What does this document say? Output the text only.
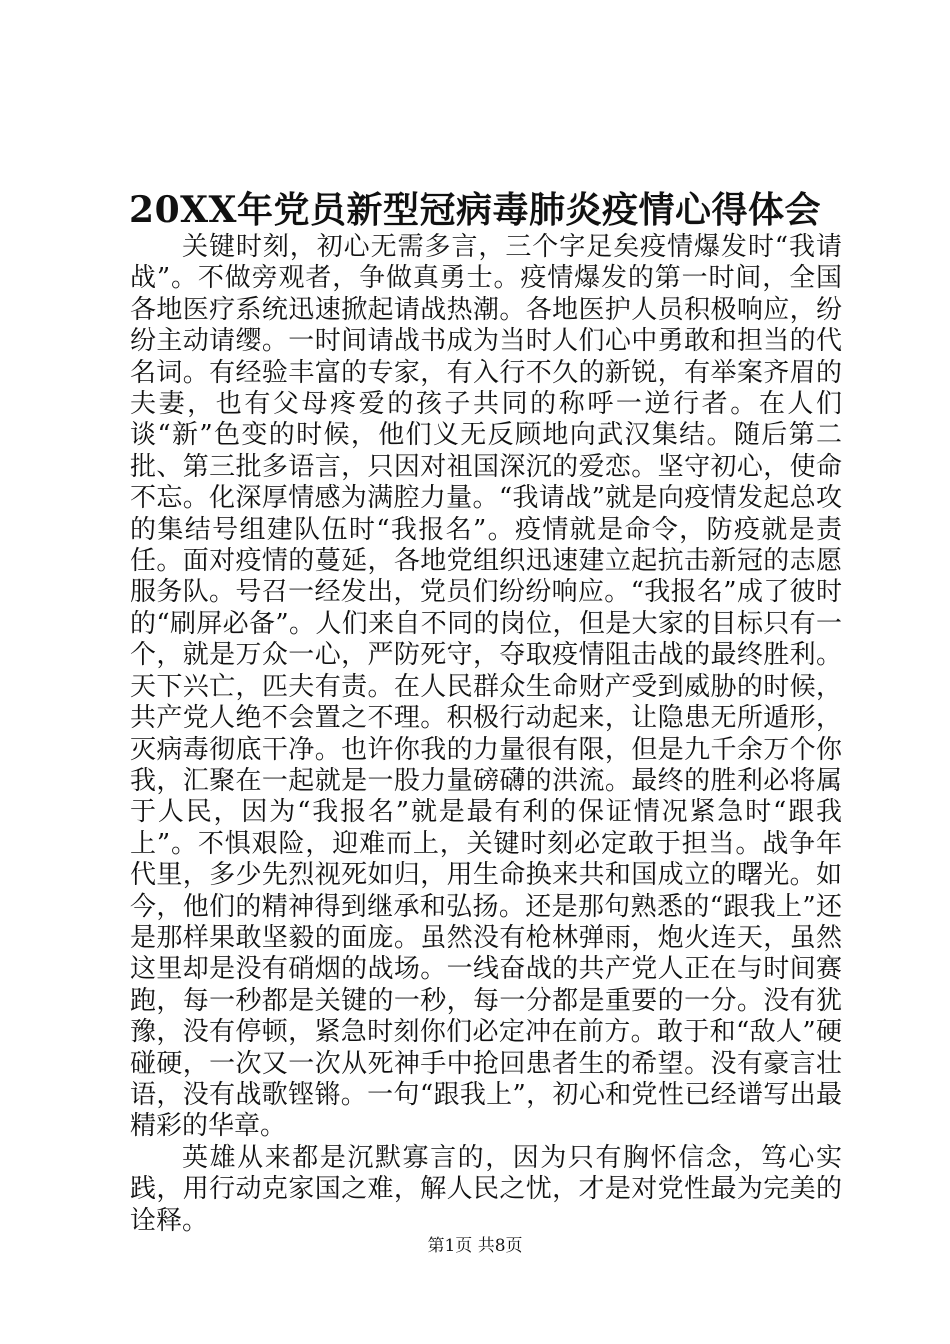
20XX年党员新型冠病毒肺炎疫情心得体会

关键时刻，初心无需多言，三个字足矣疫情爆发时“我请战”。不做旁观者，争做真勇士。疫情爆发的第一时间，全国各地医疗系统迅速掀起请战热潮。各地医护人员积极响应，纷纷主动请缨。一时间请战书成为当时人们心中勇敢和担当的代名词。有经验丰富的专家，有入行不久的新锐，有举案齐眉的夫妻，也有父母疼爱的孩子共同的称呼一逆行者。在人们谈“新”色变的时候，他们义无反顾地向武汉集结。随后第二批、第三批多语言，只因对祖国深沉的爱恋。坚守初心，使命不忘。化深厚情感为满腔力量。“我请战”就是向疫情发起总攻的集结号组建队伍时“我报名”。疫情就是命令，防疫就是责任。面对疫情的蔓延，各地党组织迅速建立起抗击新冠的志愿服务队。号召一经发出，党员们纷纷响应。“我报名”成了彼时的“刷屏必备”。人们来自不同的岗位，但是大家的目标只有一个，就是万众一心，严防死守，夺取疫情阻击战的最终胜利。天下兴亡，匹夫有责。在人民群众生命财产受到威胁的时候，共产党人绝不会置之不理。积极行动起来，让隐患无所遁形，灭病毒彻底干净。也许你我的力量很有限，但是九千余万个你我，汇聚在一起就是一股力量磅礴的洪流。最终的胜利必将属于人民，因为“我报名”就是最有利的保证情况紧急时“跟我上”。不惧艰险，迎难而上，关键时刻必定敢于担当。战争年代里，多少先烈视死如归，用生命换来共和国成立的曙光。如今，他们的精神得到继承和弘扬。还是那句熟悉的“跟我上”还是那样果敢坚毅的面庞。虽然没有枪林弹雨，炮火连天，虽然这里却是没有硝烟的战场。一线奋战的共产党人正在与时间赛跑，每一秒都是关键的一秒，每一分都是重要的一分。没有犹豫，没有停顿，紧急时刻你们必定冲在前方。敢于和“敌人”硬碰硬，一次又一次从死神手中抢回患者生的希望。没有豪言壮语，没有战歌铿锵。一句“跟我上”，初心和党性已经谱写出最精彩的华章。

英雄从来都是沉默寡言的，因为只有胸怀信念，笃心实践，用行动克家国之难，解人民之忧，才是对党性最为完美的诠释。

第1页 共8页
